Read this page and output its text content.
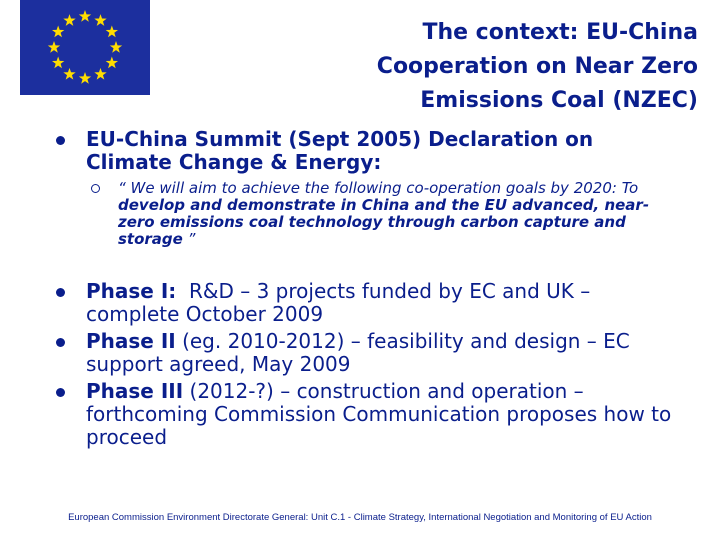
The context: EU-China
Cooperation on Near Zero
Emissions Coal (NZEC)
EU-China Summit (Sept 2005) Declaration on Climate Change & Energy:
“ We will aim to achieve the following co-operation goals by 2020: To develop and demonstrate in China and the EU advanced, near-zero emissions coal technology through carbon capture and storage ”
Phase I:  R&D – 3 projects funded by EC and UK – complete October 2009
Phase II (eg. 2010-2012) – feasibility and design – EC support agreed, May 2009
Phase III (2012-?) – construction and operation – forthcoming Commission Communication proposes how to proceed
European Commission Environment Directorate General: Unit C.1 - Climate Strategy, International Negotiation and Monitoring of EU Action
